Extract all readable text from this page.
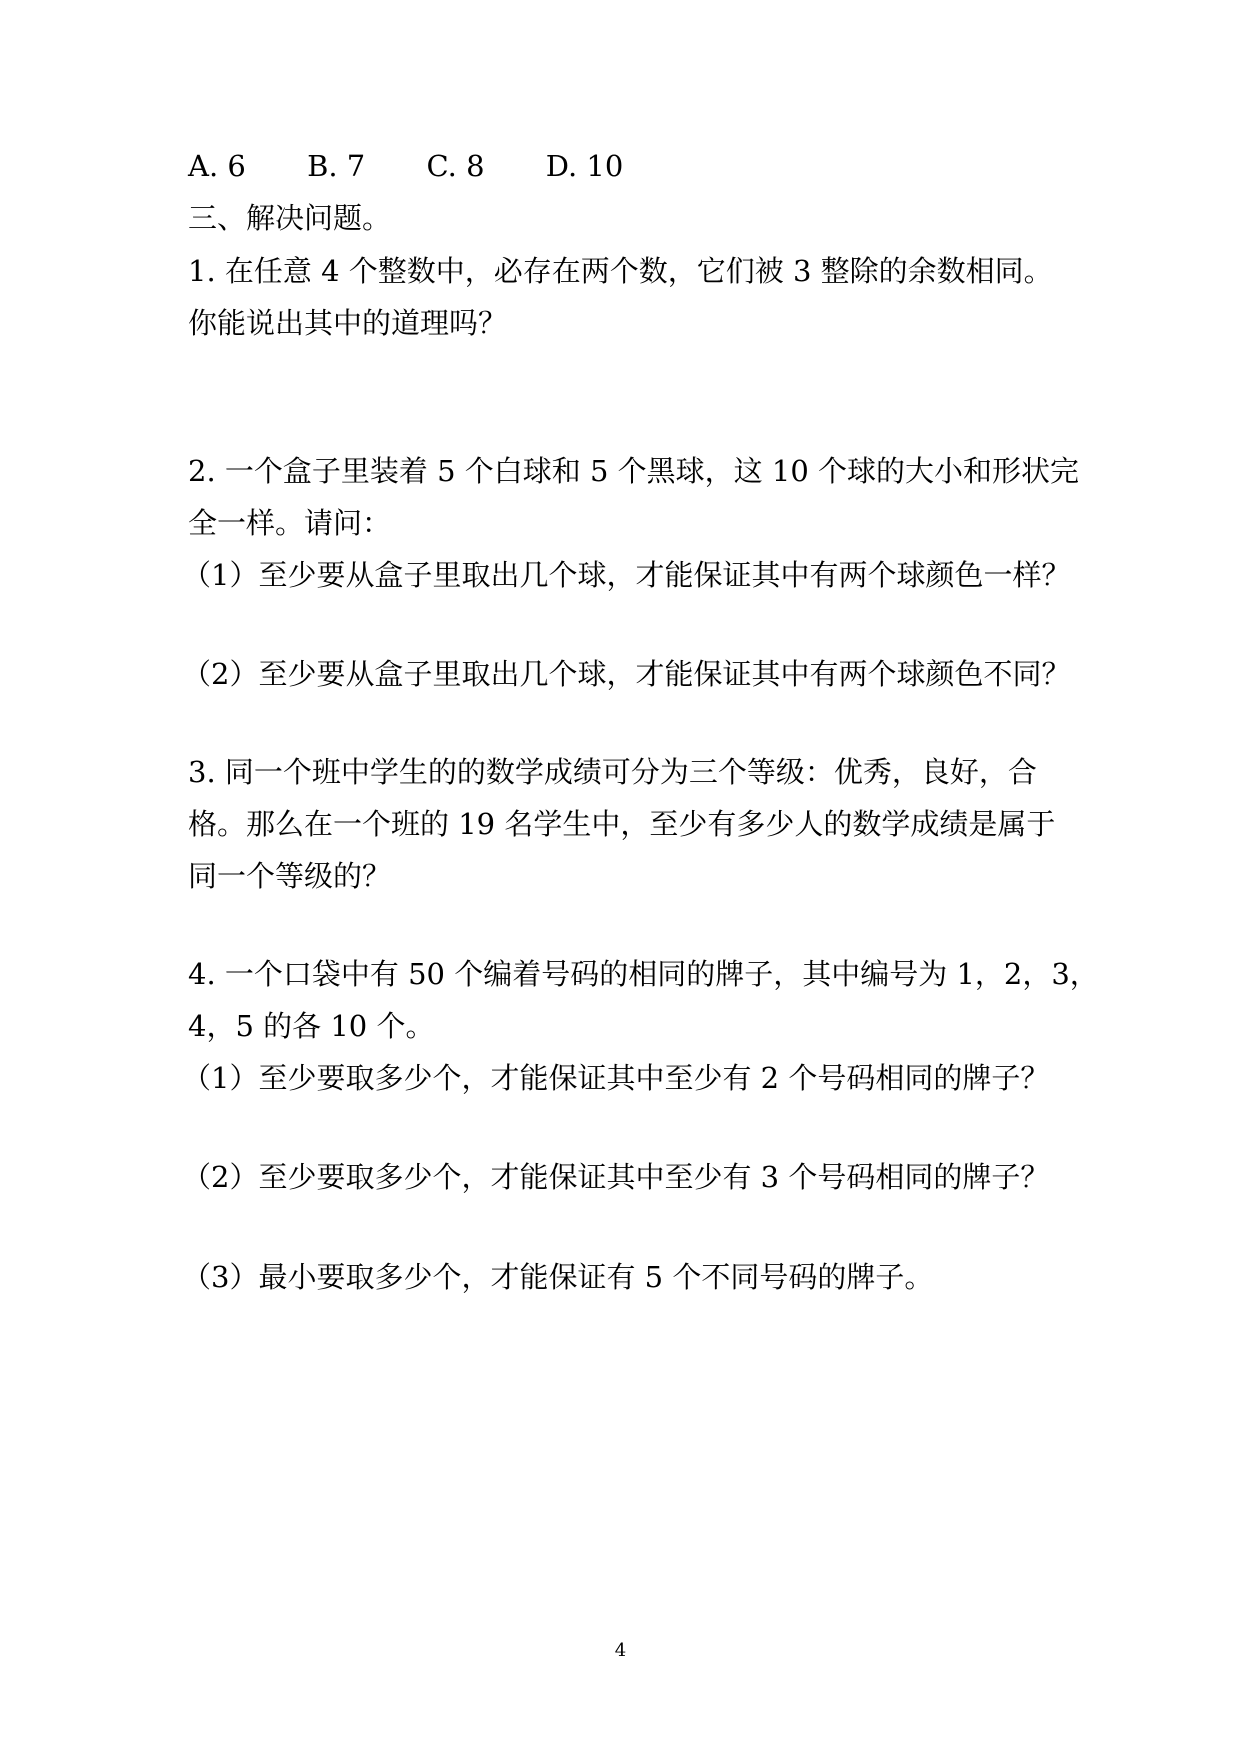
A. 6 B. 7 C. 8 D. 10
三、解决问题。
1. 在任意 4 个整数中，必存在两个数，它们被 3 整除的余数相同。
你能说出其中的道理吗？
2. 一个盒子里装着 5 个白球和 5 个黑球，这 10 个球的大小和形状完
全一样。请问：
（1）至少要从盒子里取出几个球，才能保证其中有两个球颜色一样？
（2）至少要从盒子里取出几个球，才能保证其中有两个球颜色不同？
3. 同一个班中学生的的数学成绩可分为三个等级：优秀，良好，合
格。那么在一个班的 19 名学生中，至少有多少人的数学成绩是属于
同一个等级的？
4. 一个口袋中有 50 个编着号码的相同的牌子，其中编号为 1，2，3，
4，5 的各 10 个。
（1）至少要取多少个，才能保证其中至少有 2 个号码相同的牌子？
（2）至少要取多少个，才能保证其中至少有 3 个号码相同的牌子？
（3）最小要取多少个，才能保证有 5 个不同号码的牌子。
4
